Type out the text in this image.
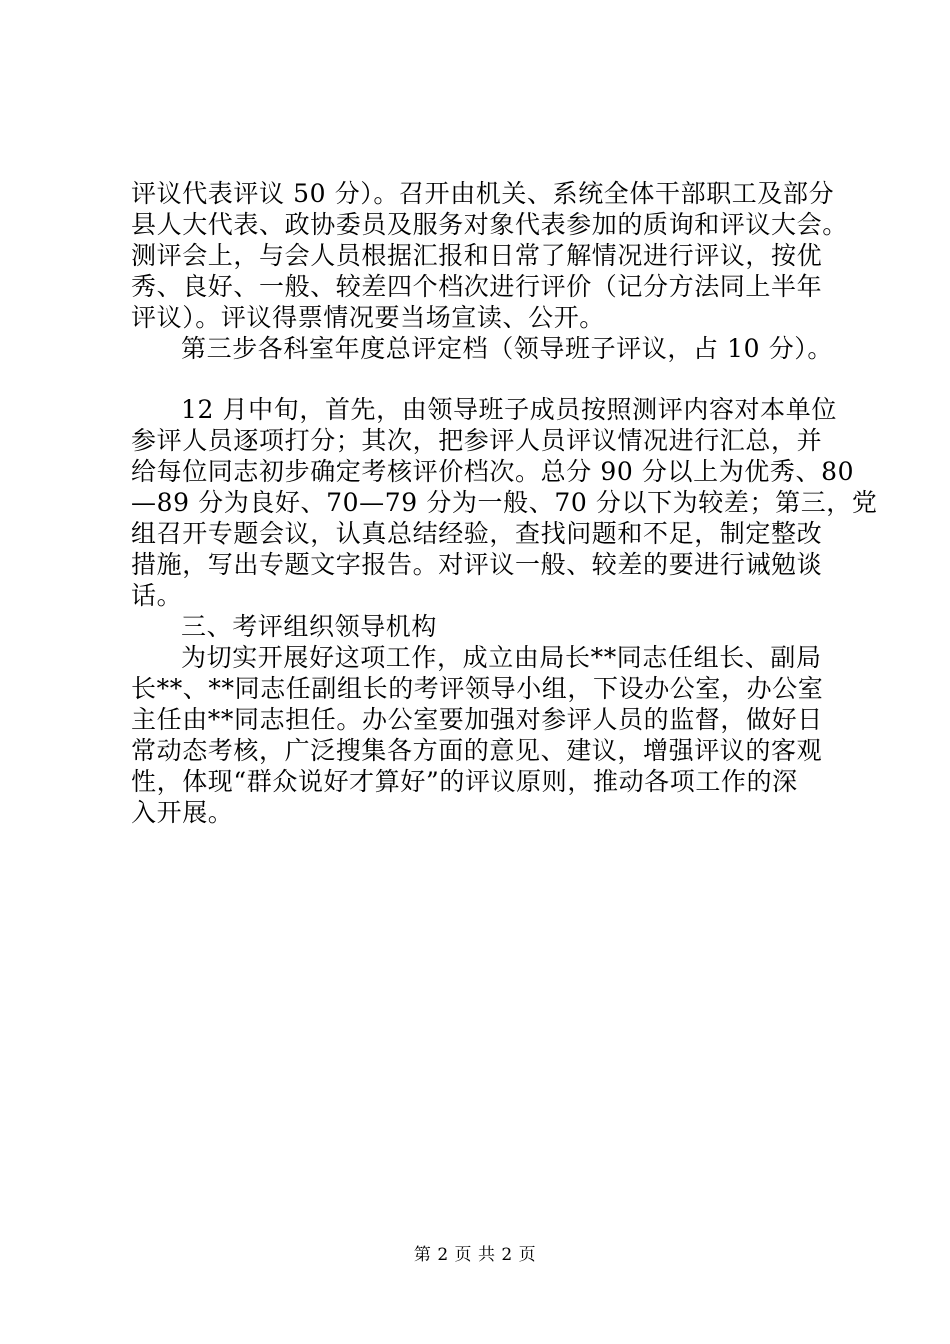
评议代表评议 50 分）。召开由机关、系统全体干部职工及部分
县人大代表、政协委员及服务对象代表参加的质询和评议大会。
测评会上，与会人员根据汇报和日常了解情况进行评议，按优
秀、良好、一般、较差四个档次进行评价（记分方法同上半年
评议）。评议得票情况要当场宣读、公开。
第三步各科室年度总评定档（领导班子评议，占 10 分）。
12 月中旬，首先，由领导班子成员按照测评内容对本单位
参评人员逐项打分；其次，把参评人员评议情况进行汇总，并
给每位同志初步确定考核评价档次。总分 90 分以上为优秀、80
—89 分为良好、70—79 分为一般、70 分以下为较差；第三，党
组召开专题会议，认真总结经验，查找问题和不足，制定整改
措施，写出专题文字报告。对评议一般、较差的要进行诫勉谈
话。
三、考评组织领导机构
为切实开展好这项工作，成立由局长**同志任组长、副局
长**、**同志任副组长的考评领导小组，下设办公室，办公室
主任由**同志担任。办公室要加强对参评人员的监督，做好日
常动态考核，广泛搜集各方面的意见、建议，增强评议的客观
性，体现“群众说好才算好”的评议原则，推动各项工作的深
入开展。
第 2 页 共 2 页
